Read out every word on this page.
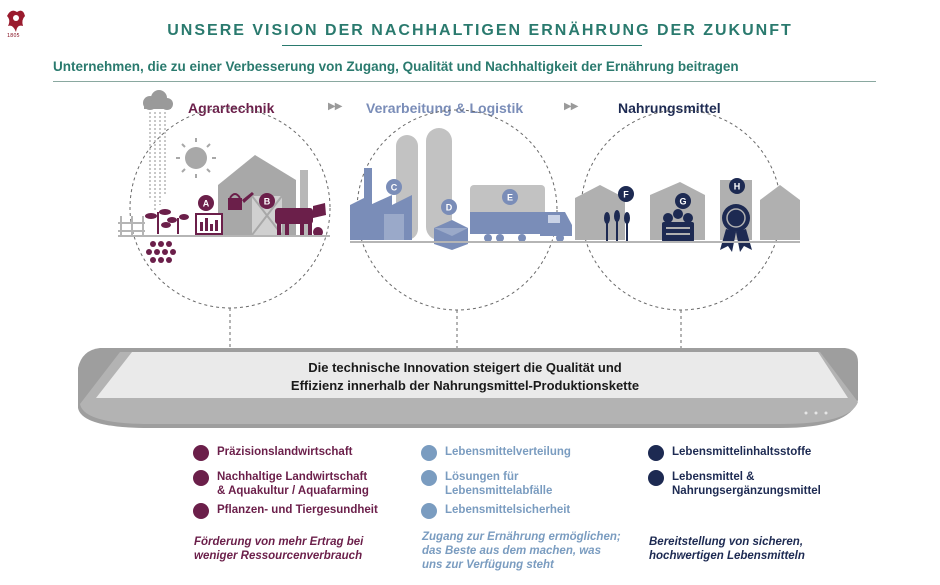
1805	UNSERE VISION DER NACHHALTIGEN ERNÄHRUNG DER ZUKUNFT
Unternehmen, die zu einer Verbesserung von Zugang, Qualität und Nachhaltigkeit der Ernährung beitragen
Agrartechnik	▶▶ Verarbeitung & Logistik	▶▶	Nahrungsmittel
A	B
C
D
E	F
G
H
Die technische Innovation steigert die Qualität und
Effizienz innerhalb der Nahrungsmittel-Produktionskette
Präzisionslandwirtschaft
Nachhaltige Landwirtschaft
& Aquakultur / Aquafarming
Pflanzen- und Tiergesundheit
Förderung von mehr Ertrag bei
weniger Ressourcenverbrauch
Lebensmittelverteilung
Lösungen für
Lebensmittelabfälle
Lebensmittelsicherheit
Zugang zur Ernährung ermöglichen;
das Beste aus dem machen, was
uns zur Verfügung steht
Lebensmittelinhaltsstoffe
Lebensmittel &
Nahrungsergänzungsmittel
Bereitstellung von sicheren,
hochwertigen Lebensmitteln
